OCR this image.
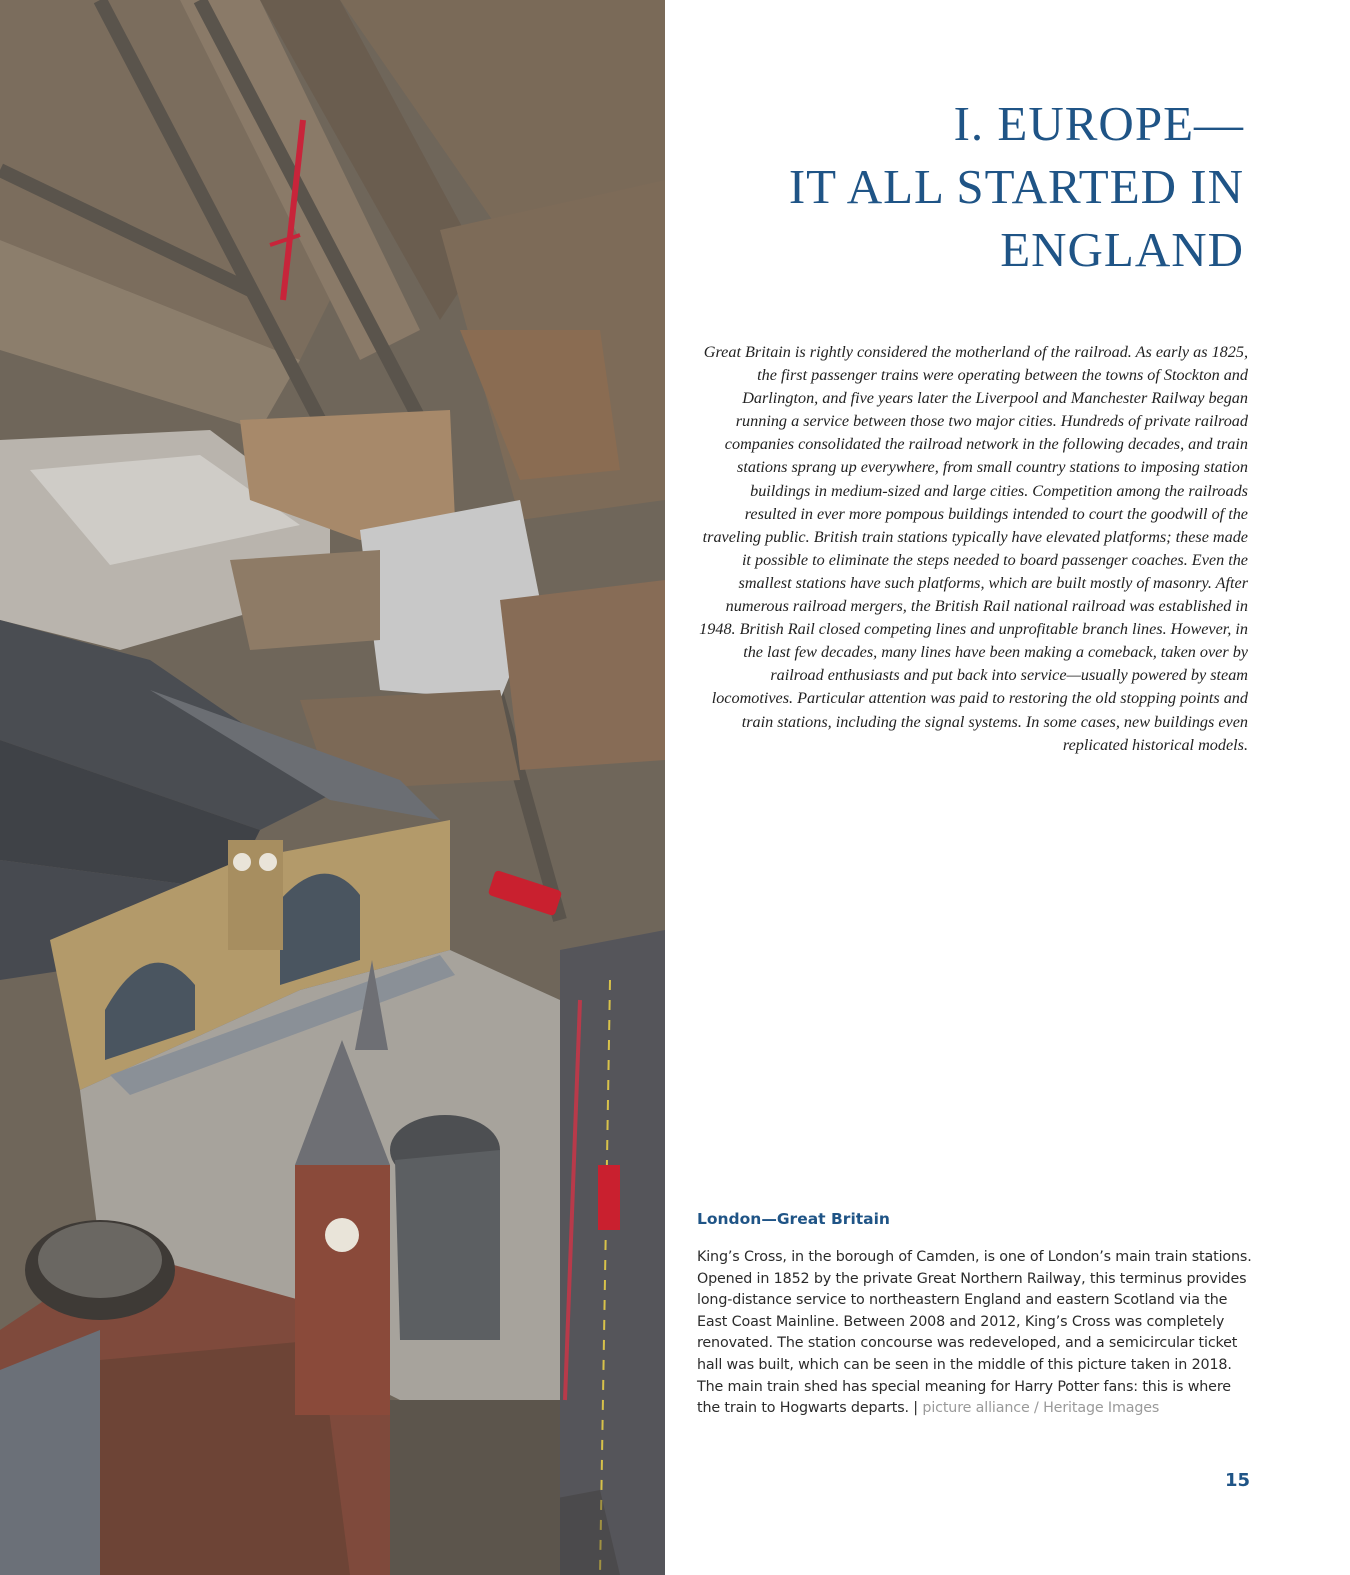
I. EUROPE—
IT ALL STARTED IN
ENGLAND

Great Britain is rightly considered the motherland of the railroad. As early as 1825, the first passenger trains were operating between the towns of Stockton and Darlington, and five years later the Liverpool and Manchester Railway began running a service between those two major cities. Hundreds of private railroad companies consolidated the railroad network in the following decades, and train stations sprang up everywhere, from small country stations to imposing station buildings in medium-sized and large cities. Competition among the railroads resulted in ever more pompous buildings intended to court the goodwill of the traveling public. British train stations typically have elevated platforms; these made it possible to eliminate the steps needed to board passenger coaches. Even the smallest stations have such platforms, which are built mostly of masonry. After numerous railroad mergers, the British Rail national railroad was established in 1948. British Rail closed competing lines and unprofitable branch lines. However, in the last few decades, many lines have been making a comeback, taken over by railroad enthusiasts and put back into service—usually powered by steam locomotives. Particular attention was paid to restoring the old stopping points and train stations, including the signal systems. In some cases, new buildings even replicated historical models.

London—Great Britain

King’s Cross, in the borough of Camden, is one of London’s main train stations. Opened in 1852 by the private Great Northern Railway, this terminus provides long-distance service to northeastern England and eastern Scotland via the East Coast Mainline. Between 2008 and 2012, King’s Cross was completely renovated. The station concourse was redeveloped, and a semicircular ticket hall was built, which can be seen in the middle of this picture taken in 2018. The main train shed has special meaning for Harry Potter fans: this is where the train to Hogwarts departs. | picture alliance / Heritage Images

15
